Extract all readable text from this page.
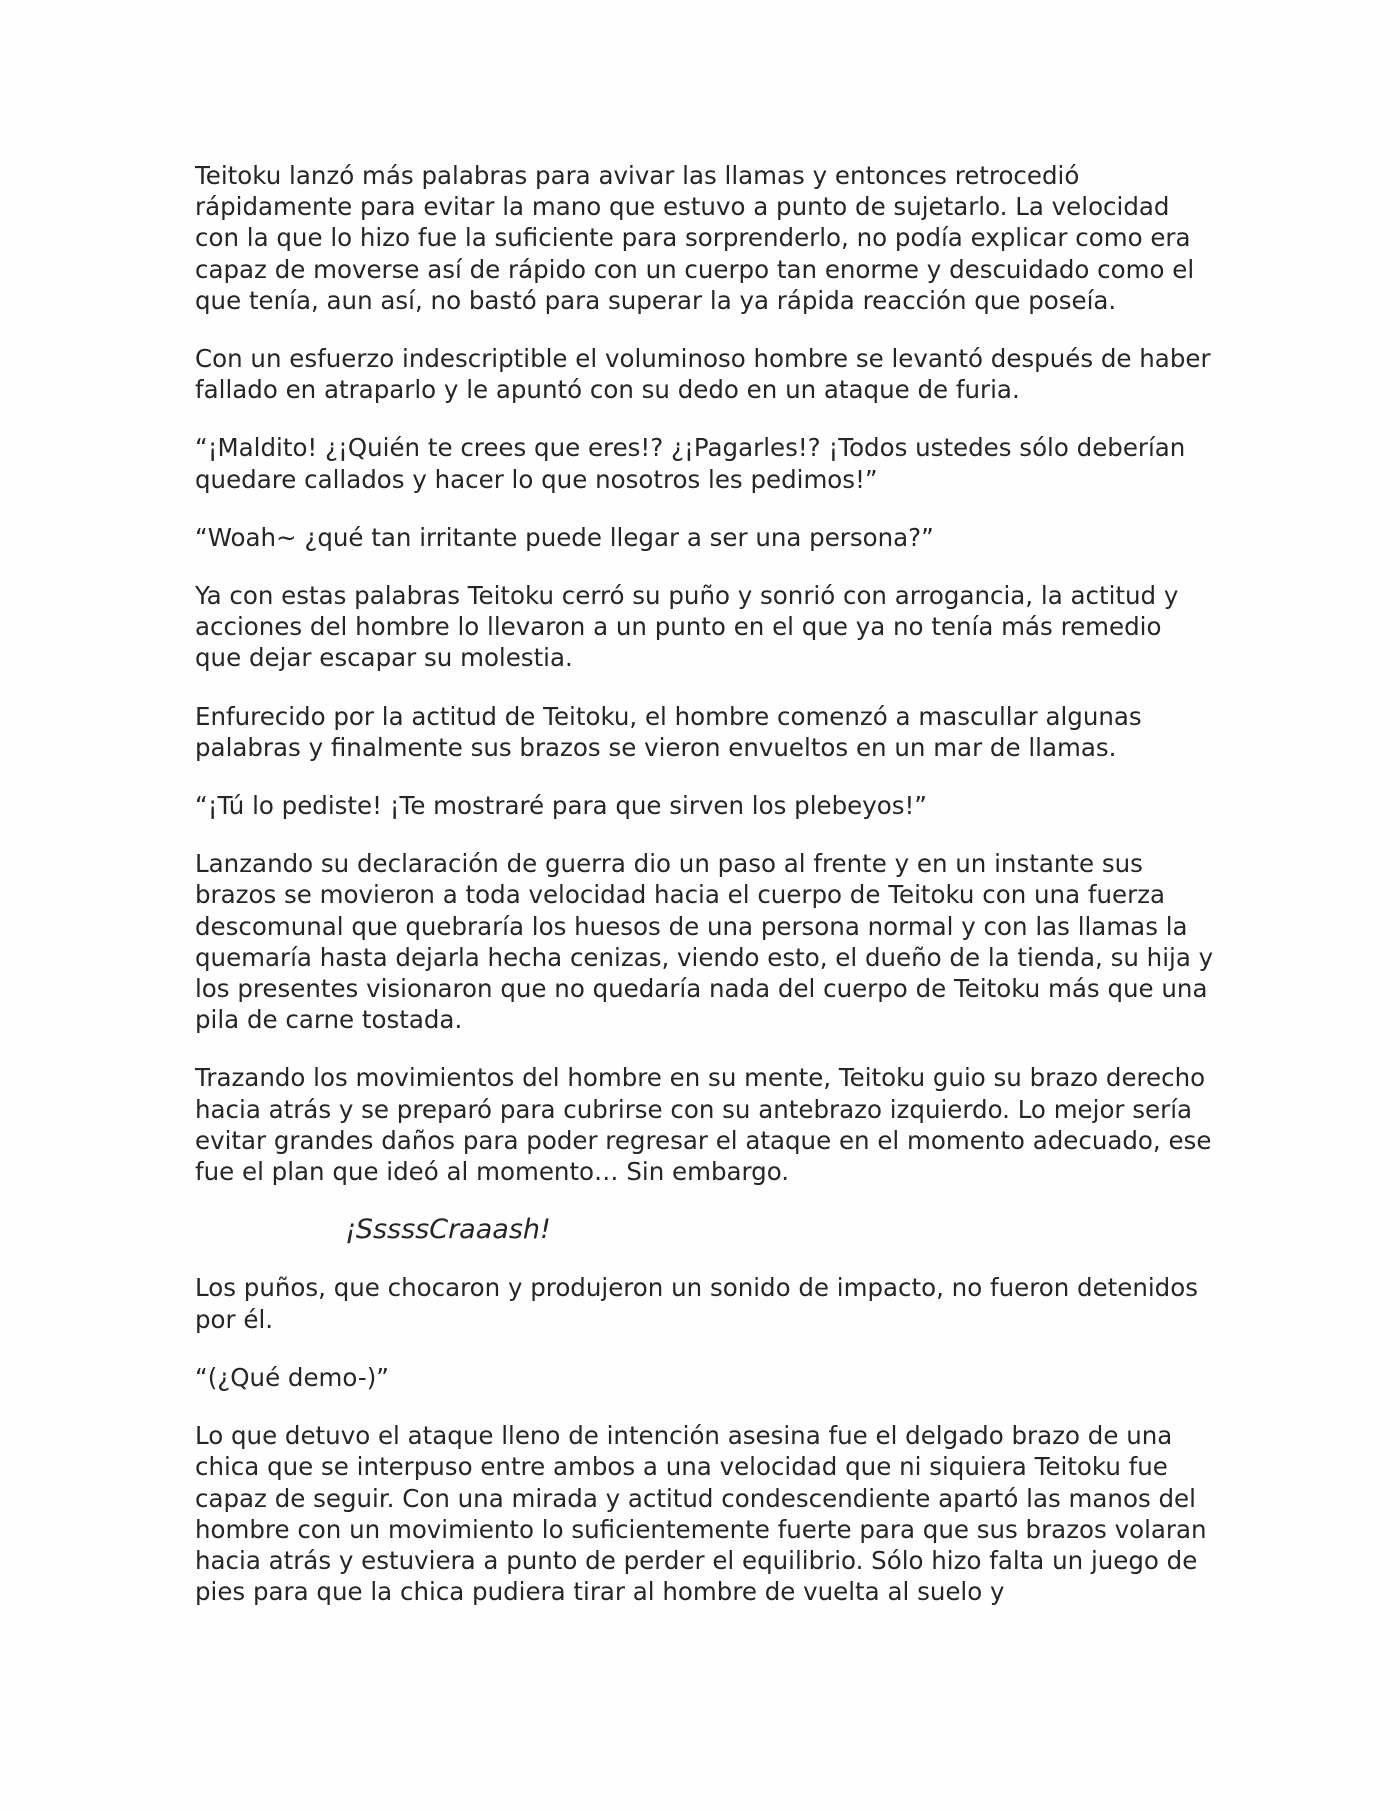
Teitoku lanzó más palabras para avivar las llamas y entonces retrocedió rápidamente para evitar la mano que estuvo a punto de sujetarlo. La velocidad con la que lo hizo fue la suficiente para sorprenderlo, no podía explicar como era capaz de moverse así de rápido con un cuerpo tan enorme y descuidado como el que tenía, aun así, no bastó para superar la ya rápida reacción que poseía.

Con un esfuerzo indescriptible el voluminoso hombre se levantó después de haber fallado en atraparlo y le apuntó con su dedo en un ataque de furia.

“¡Maldito! ¿¡Quién te crees que eres!? ¿¡Pagarles!? ¡Todos ustedes sólo deberían quedare callados y hacer lo que nosotros les pedimos!”

“Woah~ ¿qué tan irritante puede llegar a ser una persona?”

Ya con estas palabras Teitoku cerró su puño y sonrió con arrogancia, la actitud y acciones del hombre lo llevaron a un punto en el que ya no tenía más remedio que dejar escapar su molestia.

Enfurecido por la actitud de Teitoku, el hombre comenzó a mascullar algunas palabras y finalmente sus brazos se vieron envueltos en un mar de llamas.

“¡Tú lo pediste! ¡Te mostraré para que sirven los plebeyos!”

Lanzando su declaración de guerra dio un paso al frente y en un instante sus brazos se movieron a toda velocidad hacia el cuerpo de Teitoku con una fuerza descomunal que quebraría los huesos de una persona normal y con las llamas la quemaría hasta dejarla hecha cenizas, viendo esto, el dueño de la tienda, su hija y los presentes visionaron que no quedaría nada del cuerpo de Teitoku más que una pila de carne tostada.

Trazando los movimientos del hombre en su mente, Teitoku guio su brazo derecho hacia atrás y se preparó para cubrirse con su antebrazo izquierdo. Lo mejor sería evitar grandes daños para poder regresar el ataque en el momento adecuado, ese fue el plan que ideó al momento… Sin embargo.

¡SssssCraaash!

Los puños, que chocaron y produjeron un sonido de impacto, no fueron detenidos por él.

“(¿Qué demo-)”

Lo que detuvo el ataque lleno de intención asesina fue el delgado brazo de una chica que se interpuso entre ambos a una velocidad que ni siquiera Teitoku fue capaz de seguir. Con una mirada y actitud condescendiente apartó las manos del hombre con un movimiento lo suficientemente fuerte para que sus brazos volaran hacia atrás y estuviera a punto de perder el equilibrio. Sólo hizo falta un juego de pies para que la chica pudiera tirar al hombre de vuelta al suelo y
